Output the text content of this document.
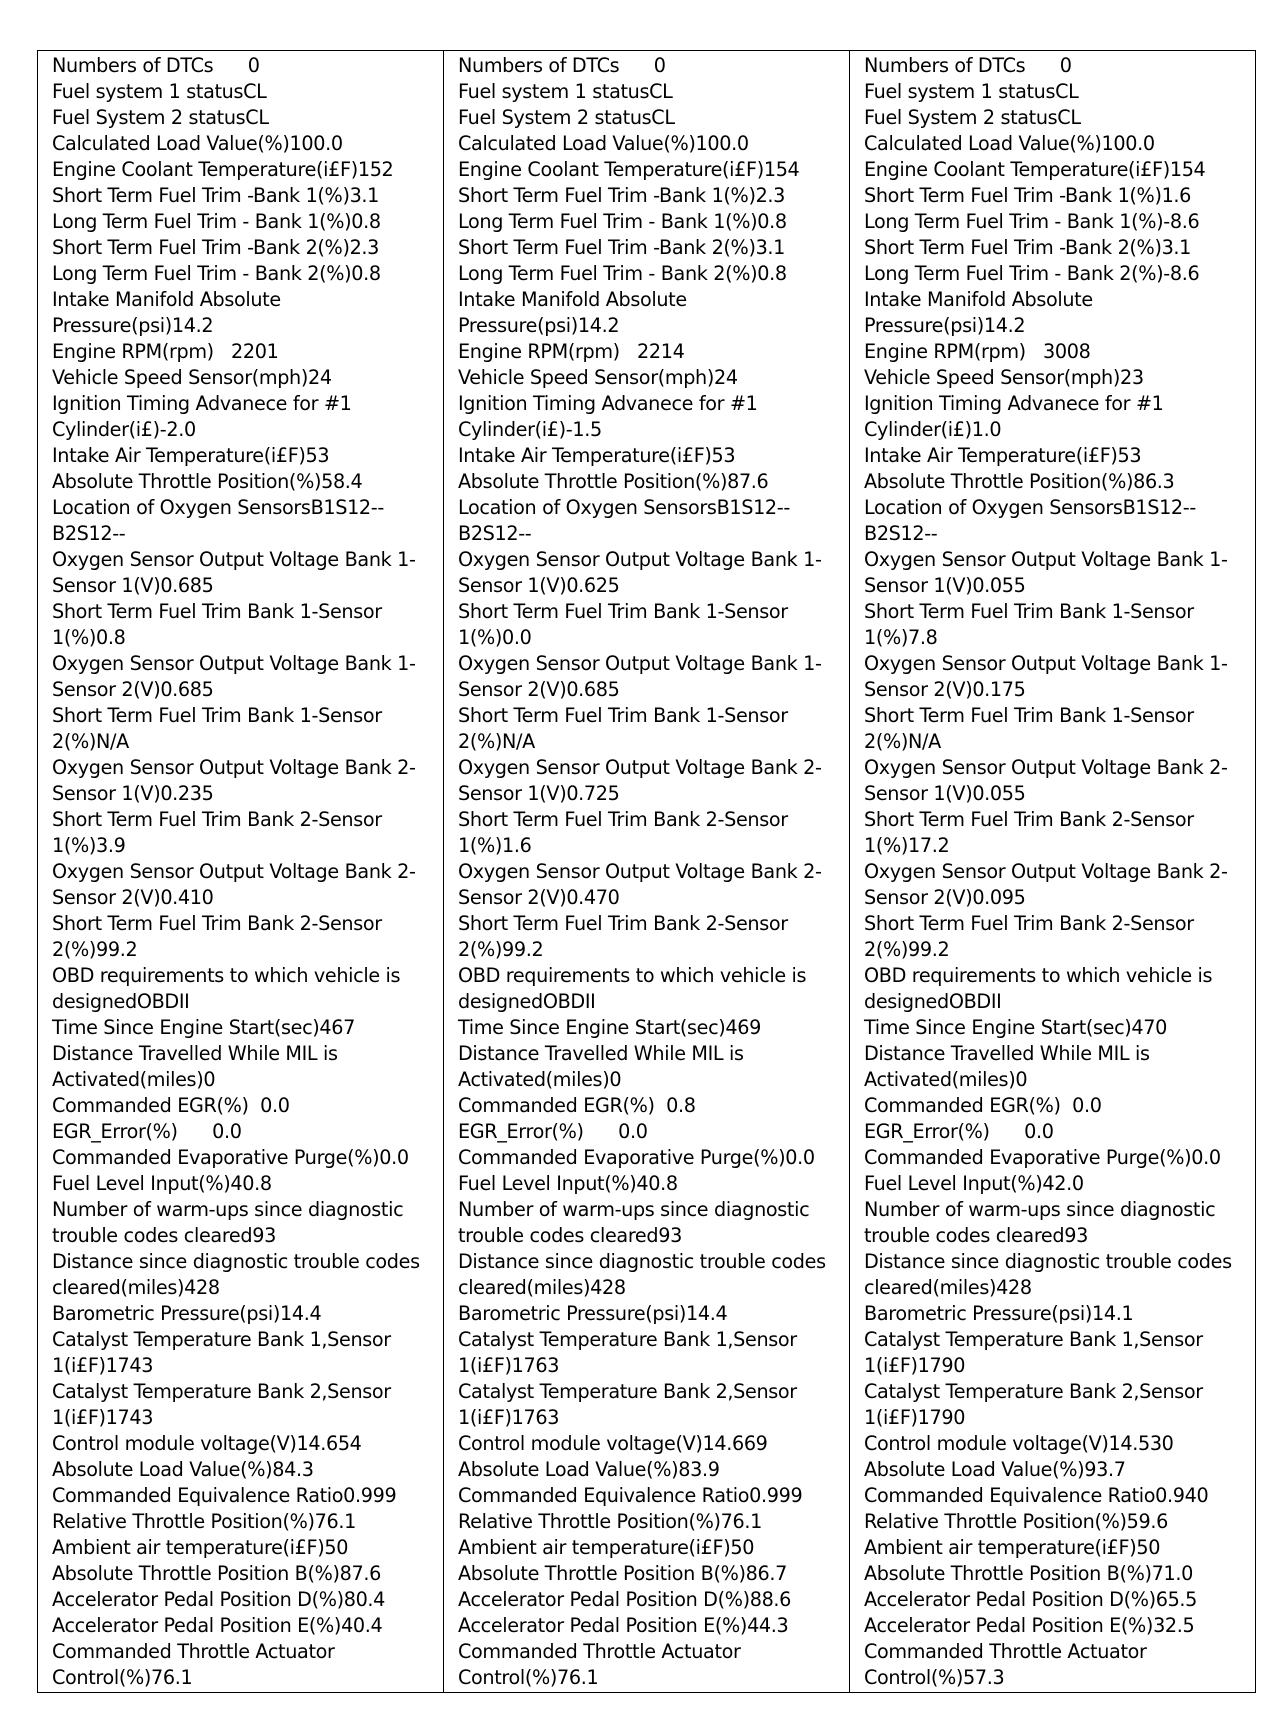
Numbers of DTCs      0
Fuel system 1 statusCL
Fuel System 2 statusCL
Calculated Load Value(%)100.0
Engine Coolant Temperature(i£F)152
Short Term Fuel Trim -Bank 1(%)3.1
Long Term Fuel Trim - Bank 1(%)0.8
Short Term Fuel Trim -Bank 2(%)2.3
Long Term Fuel Trim - Bank 2(%)0.8
Intake Manifold Absolute
Pressure(psi)14.2
Engine RPM(rpm)   2201
Vehicle Speed Sensor(mph)24
Ignition Timing Advanece for #1
Cylinder(i£)-2.0
Intake Air Temperature(i£F)53
Absolute Throttle Position(%)58.4
Location of Oxygen SensorsB1S12--
B2S12--
Oxygen Sensor Output Voltage Bank 1-
Sensor 1(V)0.685
Short Term Fuel Trim Bank 1-Sensor
1(%)0.8
Oxygen Sensor Output Voltage Bank 1-
Sensor 2(V)0.685
Short Term Fuel Trim Bank 1-Sensor
2(%)N/A
Oxygen Sensor Output Voltage Bank 2-
Sensor 1(V)0.235
Short Term Fuel Trim Bank 2-Sensor
1(%)3.9
Oxygen Sensor Output Voltage Bank 2-
Sensor 2(V)0.410
Short Term Fuel Trim Bank 2-Sensor
2(%)99.2
OBD requirements to which vehicle is
designedOBDII
Time Since Engine Start(sec)467
Distance Travelled While MIL is
Activated(miles)0
Commanded EGR(%)  0.0
EGR_Error(%)      0.0
Commanded Evaporative Purge(%)0.0
Fuel Level Input(%)40.8
Number of warm-ups since diagnostic
trouble codes cleared93
Distance since diagnostic trouble codes
cleared(miles)428
Barometric Pressure(psi)14.4
Catalyst Temperature Bank 1,Sensor
1(i£F)1743
Catalyst Temperature Bank 2,Sensor
1(i£F)1743
Control module voltage(V)14.654
Absolute Load Value(%)84.3
Commanded Equivalence Ratio0.999
Relative Throttle Position(%)76.1
Ambient air temperature(i£F)50
Absolute Throttle Position B(%)87.6
Accelerator Pedal Position D(%)80.4
Accelerator Pedal Position E(%)40.4
Commanded Throttle Actuator
Control(%)76.1

Numbers of DTCs      0
Fuel system 1 statusCL
Fuel System 2 statusCL
Calculated Load Value(%)100.0
Engine Coolant Temperature(i£F)154
Short Term Fuel Trim -Bank 1(%)2.3
Long Term Fuel Trim - Bank 1(%)0.8
Short Term Fuel Trim -Bank 2(%)3.1
Long Term Fuel Trim - Bank 2(%)0.8
Intake Manifold Absolute
Pressure(psi)14.2
Engine RPM(rpm)   2214
Vehicle Speed Sensor(mph)24
Ignition Timing Advanece for #1
Cylinder(i£)-1.5
Intake Air Temperature(i£F)53
Absolute Throttle Position(%)87.6
Location of Oxygen SensorsB1S12--
B2S12--
Oxygen Sensor Output Voltage Bank 1-
Sensor 1(V)0.625
Short Term Fuel Trim Bank 1-Sensor
1(%)0.0
Oxygen Sensor Output Voltage Bank 1-
Sensor 2(V)0.685
Short Term Fuel Trim Bank 1-Sensor
2(%)N/A
Oxygen Sensor Output Voltage Bank 2-
Sensor 1(V)0.725
Short Term Fuel Trim Bank 2-Sensor
1(%)1.6
Oxygen Sensor Output Voltage Bank 2-
Sensor 2(V)0.470
Short Term Fuel Trim Bank 2-Sensor
2(%)99.2
OBD requirements to which vehicle is
designedOBDII
Time Since Engine Start(sec)469
Distance Travelled While MIL is
Activated(miles)0
Commanded EGR(%)  0.8
EGR_Error(%)      0.0
Commanded Evaporative Purge(%)0.0
Fuel Level Input(%)40.8
Number of warm-ups since diagnostic
trouble codes cleared93
Distance since diagnostic trouble codes
cleared(miles)428
Barometric Pressure(psi)14.4
Catalyst Temperature Bank 1,Sensor
1(i£F)1763
Catalyst Temperature Bank 2,Sensor
1(i£F)1763
Control module voltage(V)14.669
Absolute Load Value(%)83.9
Commanded Equivalence Ratio0.999
Relative Throttle Position(%)76.1
Ambient air temperature(i£F)50
Absolute Throttle Position B(%)86.7
Accelerator Pedal Position D(%)88.6
Accelerator Pedal Position E(%)44.3
Commanded Throttle Actuator
Control(%)76.1

Numbers of DTCs      0
Fuel system 1 statusCL
Fuel System 2 statusCL
Calculated Load Value(%)100.0
Engine Coolant Temperature(i£F)154
Short Term Fuel Trim -Bank 1(%)1.6
Long Term Fuel Trim - Bank 1(%)-8.6
Short Term Fuel Trim -Bank 2(%)3.1
Long Term Fuel Trim - Bank 2(%)-8.6
Intake Manifold Absolute
Pressure(psi)14.2
Engine RPM(rpm)   3008
Vehicle Speed Sensor(mph)23
Ignition Timing Advanece for #1
Cylinder(i£)1.0
Intake Air Temperature(i£F)53
Absolute Throttle Position(%)86.3
Location of Oxygen SensorsB1S12--
B2S12--
Oxygen Sensor Output Voltage Bank 1-
Sensor 1(V)0.055
Short Term Fuel Trim Bank 1-Sensor
1(%)7.8
Oxygen Sensor Output Voltage Bank 1-
Sensor 2(V)0.175
Short Term Fuel Trim Bank 1-Sensor
2(%)N/A
Oxygen Sensor Output Voltage Bank 2-
Sensor 1(V)0.055
Short Term Fuel Trim Bank 2-Sensor
1(%)17.2
Oxygen Sensor Output Voltage Bank 2-
Sensor 2(V)0.095
Short Term Fuel Trim Bank 2-Sensor
2(%)99.2
OBD requirements to which vehicle is
designedOBDII
Time Since Engine Start(sec)470
Distance Travelled While MIL is
Activated(miles)0
Commanded EGR(%)  0.0
EGR_Error(%)      0.0
Commanded Evaporative Purge(%)0.0
Fuel Level Input(%)42.0
Number of warm-ups since diagnostic
trouble codes cleared93
Distance since diagnostic trouble codes
cleared(miles)428
Barometric Pressure(psi)14.1
Catalyst Temperature Bank 1,Sensor
1(i£F)1790
Catalyst Temperature Bank 2,Sensor
1(i£F)1790
Control module voltage(V)14.530
Absolute Load Value(%)93.7
Commanded Equivalence Ratio0.940
Relative Throttle Position(%)59.6
Ambient air temperature(i£F)50
Absolute Throttle Position B(%)71.0
Accelerator Pedal Position D(%)65.5
Accelerator Pedal Position E(%)32.5
Commanded Throttle Actuator
Control(%)57.3
